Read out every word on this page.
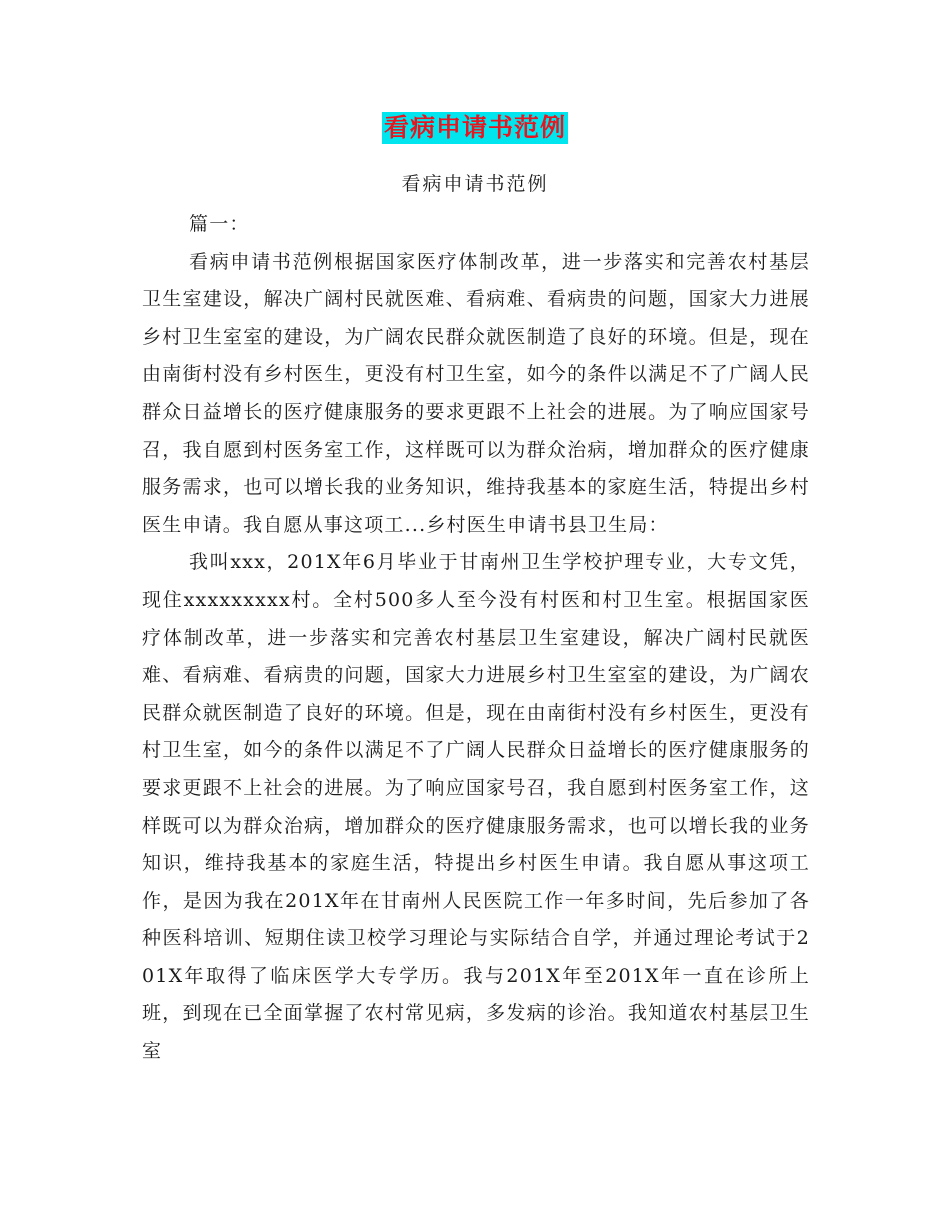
看病申请书范例
看病申请书范例

篇一：

看病申请书范例根据国家医疗体制改革，进一步落实和完善农村基层卫生室建设，解决广阔村民就医难、看病难、看病贵的问题，国家大力进展乡村卫生室室的建设，为广阔农民群众就医制造了良好的环境。但是，现在由南街村没有乡村医生，更没有村卫生室，如今的条件以满足不了广阔人民群众日益增长的医疗健康服务的要求更跟不上社会的进展。为了响应国家号召，我自愿到村医务室工作，这样既可以为群众治病，增加群众的医疗健康服务需求，也可以增长我的业务知识，维持我基本的家庭生活，特提出乡村医生申请。我自愿从事这项工...乡村医生申请书县卫生局：

我叫xxx，201X年6月毕业于甘南州卫生学校护理专业，大专文凭，现住xxxxxxxxx村。全村500多人至今没有村医和村卫生室。根据国家医疗体制改革，进一步落实和完善农村基层卫生室建设，解决广阔村民就医难、看病难、看病贵的问题，国家大力进展乡村卫生室室的建设，为广阔农民群众就医制造了良好的环境。但是，现在由南街村没有乡村医生，更没有村卫生室，如今的条件以满足不了广阔人民群众日益增长的医疗健康服务的要求更跟不上社会的进展。为了响应国家号召，我自愿到村医务室工作，这样既可以为群众治病，增加群众的医疗健康服务需求，也可以增长我的业务知识，维持我基本的家庭生活，特提出乡村医生申请。我自愿从事这项工作，是因为我在201X年在甘南州人民医院工作一年多时间，先后参加了各种医科培训、短期住读卫校学习理论与实际结合自学，并通过理论考试于201X年取得了临床医学大专学历。我与201X年至201X年一直在诊所上班，到现在已全面掌握了农村常见病，多发病的诊治。我知道农村基层卫生室
